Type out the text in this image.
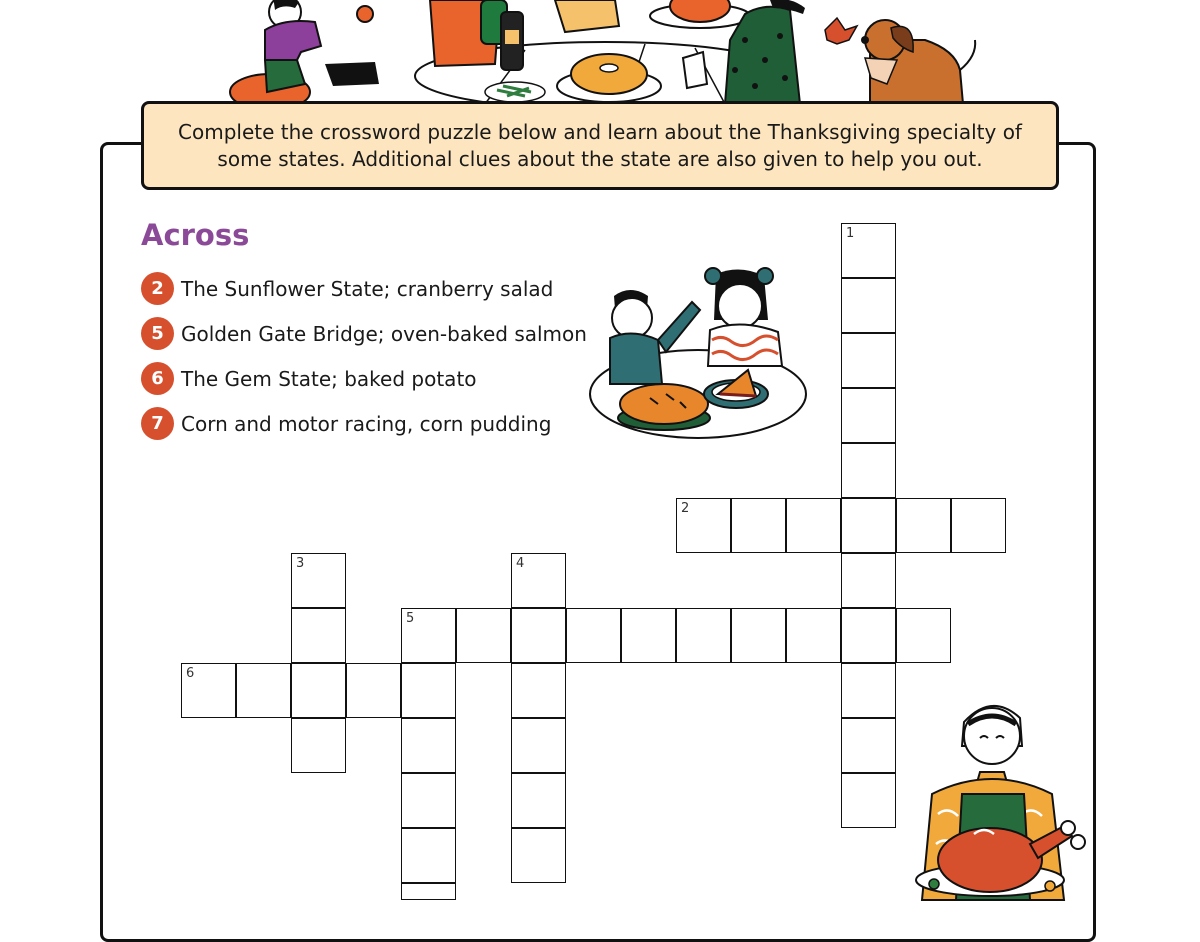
Complete the crossword puzzle below and learn about the Thanksgiving specialty of some states. Additional clues about the state are also given to help you out.
Across
2 The Sunflower State; cranberry salad
5 Golden Gate Bridge; oven-baked salmon
6 The Gem State; baked potato
7 Corn and motor racing, corn pudding
1
2
3	4
5
6
